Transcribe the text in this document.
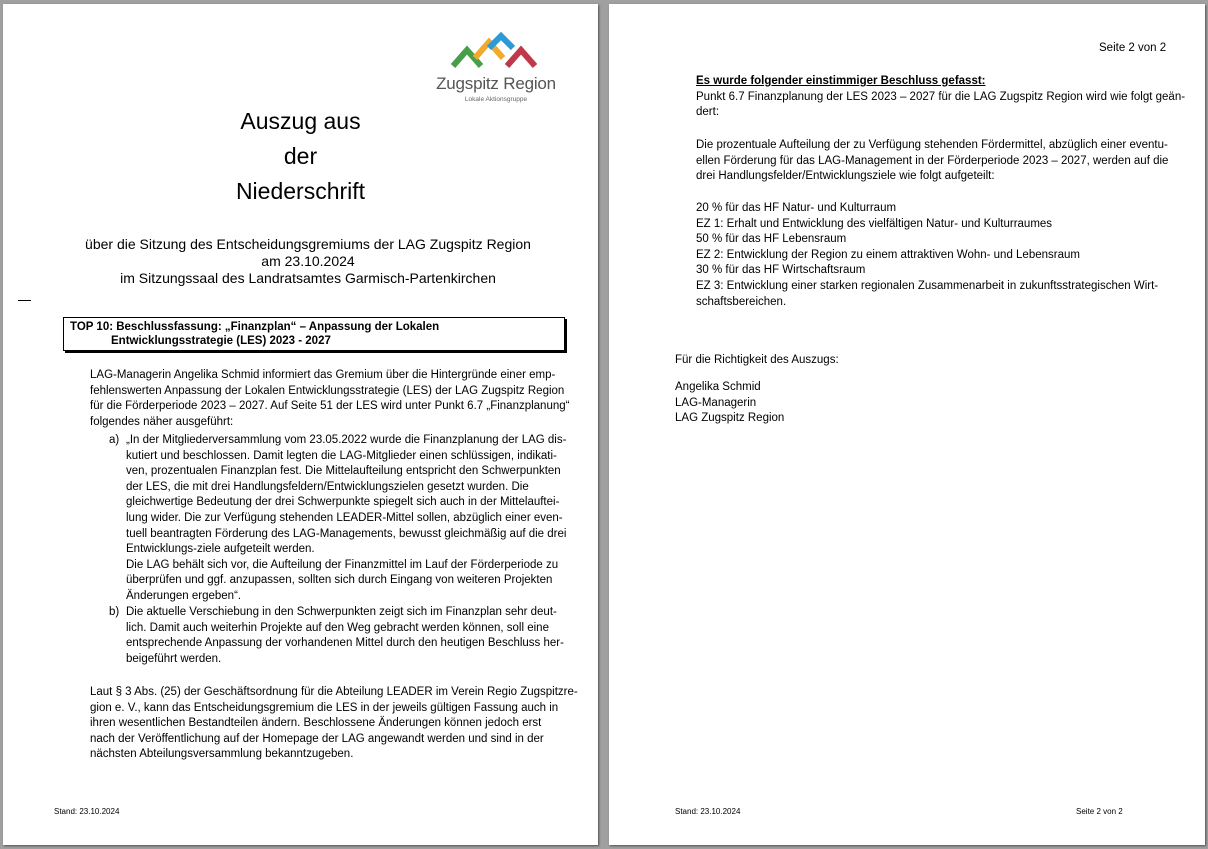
Zugspitz Region
Lokale Aktionsgruppe
Auszug aus
der
Niederschrift
über die Sitzung des Entscheidungsgremiums der LAG Zugspitz Region
am 23.10.2024
im Sitzungssaal des Landratsamtes Garmisch-Partenkirchen
TOP 10: Beschlussfassung: „Finanzplan“ – Anpassung der Lokalen
Entwicklungsstrategie (LES) 2023 - 2027
LAG-Managerin Angelika Schmid informiert das Gremium über die Hintergründe einer emp-
fehlenswerten Anpassung der Lokalen Entwicklungsstrategie (LES) der LAG Zugspitz Region
für die Förderperiode 2023 – 2027. Auf Seite 51 der LES wird unter Punkt 6.7 „Finanzplanung“
folgendes näher ausgeführt:
a) „In der Mitgliederversammlung vom 23.05.2022 wurde die Finanzplanung der LAG dis-
kutiert und beschlossen. Damit legten die LAG-Mitglieder einen schlüssigen, indikati-
ven, prozentualen Finanzplan fest. Die Mittelaufteilung entspricht den Schwerpunkten
der LES, die mit drei Handlungsfeldern/Entwicklungszielen gesetzt wurden. Die
gleichwertige Bedeutung der drei Schwerpunkte spiegelt sich auch in der Mittelauftei-
lung wider. Die zur Verfügung stehenden LEADER-Mittel sollen, abzüglich einer even-
tuell beantragten Förderung des LAG-Managements, bewusst gleichmäßig auf die drei
Entwicklungs-ziele aufgeteilt werden.
Die LAG behält sich vor, die Aufteilung der Finanzmittel im Lauf der Förderperiode zu
überprüfen und ggf. anzupassen, sollten sich durch Eingang von weiteren Projekten
Änderungen ergeben“.
b) Die aktuelle Verschiebung in den Schwerpunkten zeigt sich im Finanzplan sehr deut-
lich. Damit auch weiterhin Projekte auf den Weg gebracht werden können, soll eine
entsprechende Anpassung der vorhandenen Mittel durch den heutigen Beschluss her-
beigeführt werden.
Laut § 3 Abs. (25) der Geschäftsordnung für die Abteilung LEADER im Verein Regio Zugspitzre-
gion e. V., kann das Entscheidungsgremium die LES in der jeweils gültigen Fassung auch in
ihren wesentlichen Bestandteilen ändern. Beschlossene Änderungen können jedoch erst
nach der Veröffentlichung auf der Homepage der LAG angewandt werden und sind in der
nächsten Abteilungsversammlung bekanntzugeben.
Stand: 23.10.2024
Seite 2 von 2
Es wurde folgender einstimmiger Beschluss gefasst:
Punkt 6.7 Finanzplanung der LES 2023 – 2027 für die LAG Zugspitz Region wird wie folgt geän-
dert:
Die prozentuale Aufteilung der zu Verfügung stehenden Fördermittel, abzüglich einer eventu-
ellen Förderung für das LAG-Management in der Förderperiode 2023 – 2027, werden auf die
drei Handlungsfelder/Entwicklungsziele wie folgt aufgeteilt:
20 % für das HF Natur- und Kulturraum
EZ 1: Erhalt und Entwicklung des vielfältigen Natur- und Kulturraumes
50 % für das HF Lebensraum
EZ 2: Entwicklung der Region zu einem attraktiven Wohn- und Lebensraum
30 % für das HF Wirtschaftsraum
EZ 3: Entwicklung einer starken regionalen Zusammenarbeit in zukunftsstrategischen Wirt-
schaftsbereichen.
Für die Richtigkeit des Auszugs:
Angelika Schmid
LAG-Managerin
LAG Zugspitz Region
Stand: 23.10.2024	Seite 2 von 2
